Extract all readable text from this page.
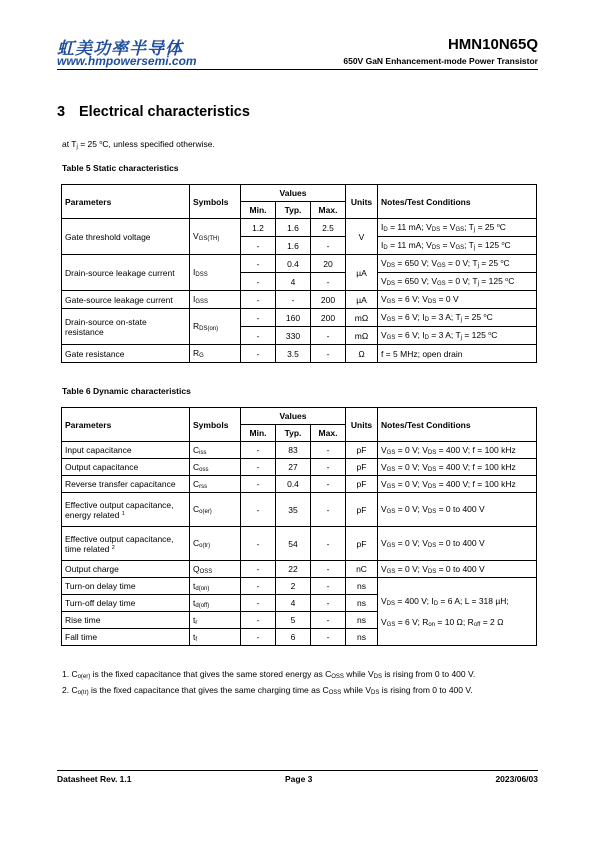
虹美功率半导体
www.hmpowersemi.com
HMN10N65Q
650V GaN Enhancement-mode Power Transistor
3 Electrical characteristics
at $T_j = 25$ $^o$C, unless specified otherwise.
Table 5 Static characteristics
Parameters	Symbols	Values			Units	Notes/Test Conditions
		Min.	Typ.	Max.		
Gate threshold voltage	$V_{GS(TH)}$	1.2	1.6	2.5	V	$I_D = 11$ mA; $V_{DS} = V_{GS}$; $T_j = 25$ $^o$C
		-	1.6	-		$I_D = 11$ mA; $V_{DS} = V_{GS}$; $T_j = 125$ $^o$C
Drain-source leakage current	$I_{DSS}$	-	0.4	20	µA	$V_{DS} = 650$ V; $V_{GS} = 0$ V; $T_j = 25$ $^o$C
		-	4	-		$V_{DS} = 650$ V; $V_{GS} = 0$ V; $T_j = 125$ $^o$C
Gate-source leakage current	$I_{GSS}$	-	-	200	µA	$V_{GS} = 6$ V; $V_{DS} = 0$ V
Drain-source on-state
resistance	$R_{DS(on)}$	-	160	200	mΩ	$V_{GS} = 6$ V; $I_D = 3$ A; $T_j = 25$ $^o$C
		-	330	-	mΩ	$V_{GS} = 6$ V; $I_D = 3$ A; $T_j = 125$ $^o$C
Gate resistance	$R_G$	-	3.5	-	Ω	f = 5 MHz; open drain
Table 6 Dynamic characteristics
Parameters	Symbols	Values			Units	Notes/Test Conditions
		Min.	Typ.	Max.		
Input capacitance	$C_{iss}$	-	83	-	pF	$V_{GS} = 0$ V; $V_{DS} = 400$ V; f = 100 kHz
Output capacitance	$C_{oss}$	-	27	-	pF	$V_{GS} = 0$ V; $V_{DS} = 400$ V; f = 100 kHz
Reverse transfer capacitance	$C_{rss}$	-	0.4	-	pF	$V_{GS} = 0$ V; $V_{DS} = 400$ V; f = 100 kHz
Effective output capacitance,
energy related $^1$	$C_{o(er)}$	-	35	-	pF	$V_{GS} = 0$ V; $V_{DS} = 0$ to 400 V
Effective output capacitance,
time related $^2$	$C_{o(tr)}$	-	54	-	pF	$V_{GS} = 0$ V; $V_{DS} = 0$ to 400 V
Output charge	$Q_{OSS}$	-	22	-	nC	$V_{GS} = 0$ V; $V_{DS} = 0$ to 400 V
Turn-on delay time	$t_{d(on)}$	-	2	-	ns	$V_{DS} = 400$ V; $I_D = 6$ A; L = 318 µH;

$V_{GS} = 6$ V; $R_{on} = 10$ Ω; $R_{off} = 2$ Ω
Turn-off delay time	$t_{d(off)}$	-	4	-	ns	
Rise time	$t_r$	-	5	-	ns	
Fall time	$t_f$	-	6	-	ns	
1. $C_{o(er)}$ is the fixed capacitance that gives the same stored energy as $C_{OSS}$ while $V_{DS}$ is rising from 0 to 400 V.
2. $C_{o(tr)}$ is the fixed capacitance that gives the same charging time as $C_{OSS}$ while $V_{DS}$ is rising from 0 to 400 V.
Datasheet Rev. 1.1	Page 3	2023/06/03
